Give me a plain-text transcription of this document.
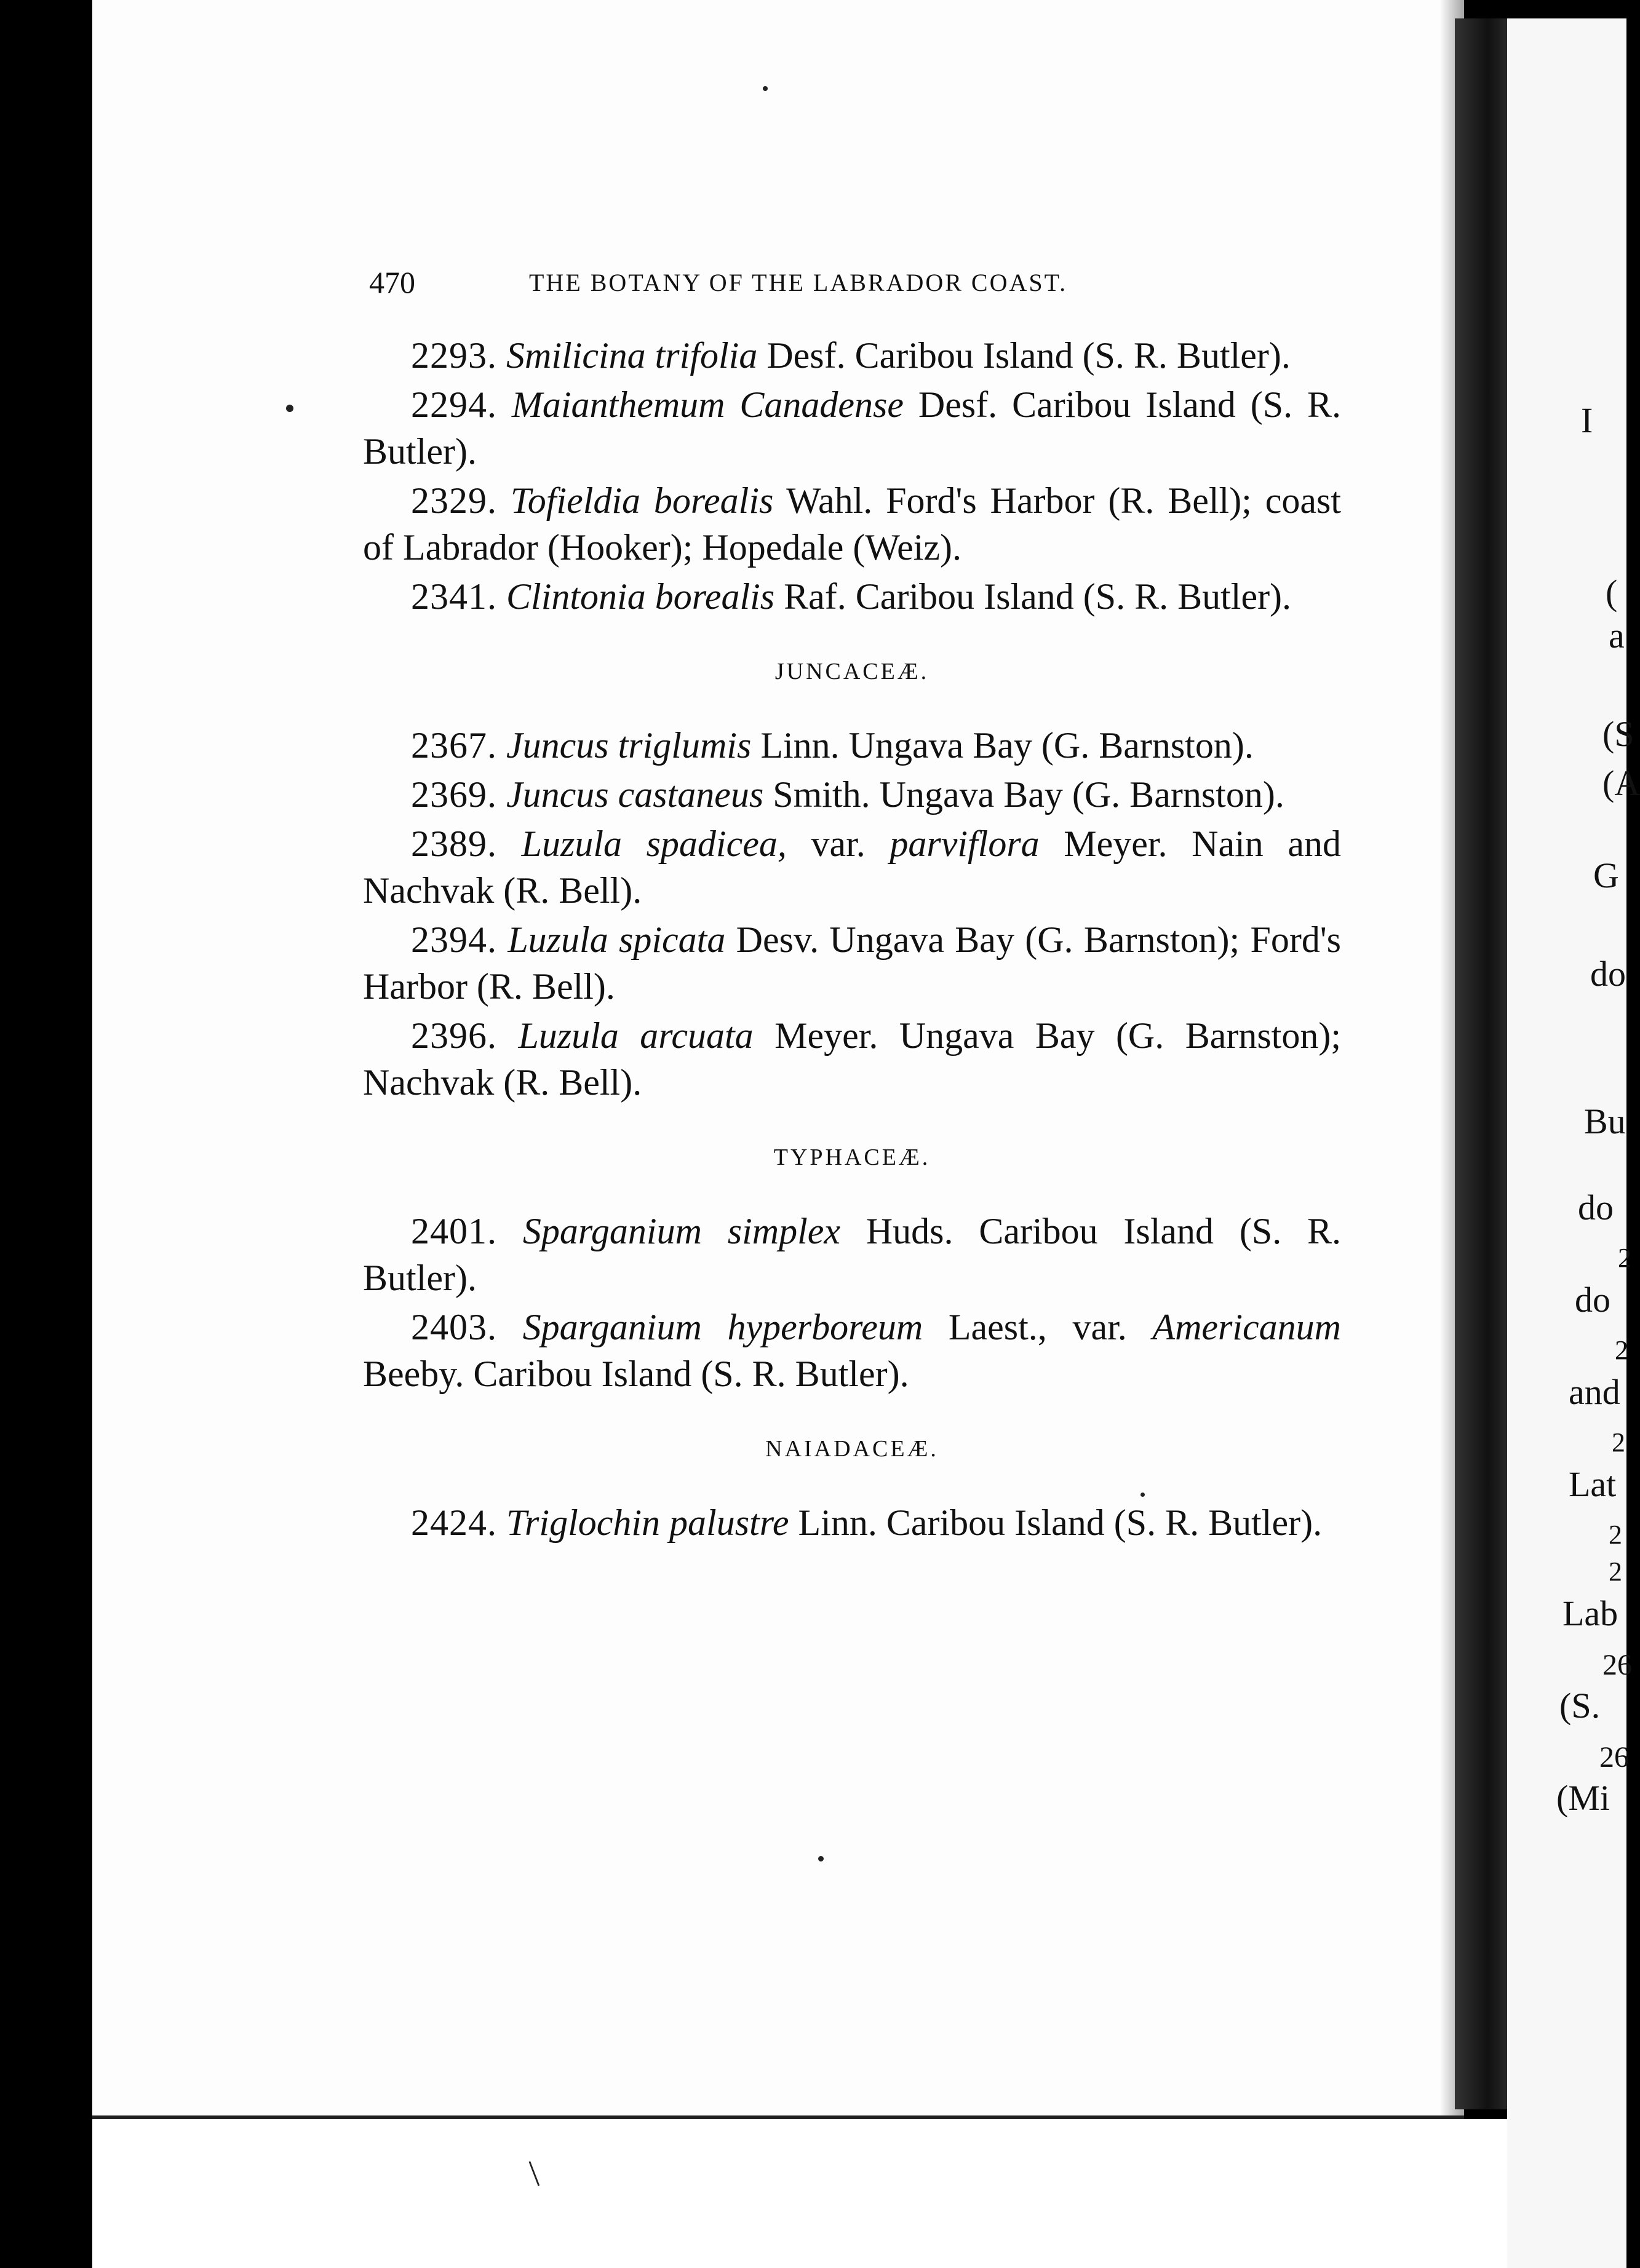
470	THE BOTANY OF THE LABRADOR COAST.

2293. Smilicina trifolia Desf. Caribou Island (S. R. Butler).

2294. Maianthemum Canadense Desf. Caribou Island (S. R. Butler).

2329. Tofieldia borealis Wahl. Ford's Harbor (R. Bell); coast of Labrador (Hooker); Hopedale (Weiz).

2341. Clintonia borealis Raf. Caribou Island (S. R. Butler).

JUNCACEÆ.

2367. Juncus triglumis Linn. Ungava Bay (G. Barnston).

2369. Juncus castaneus Smith. Ungava Bay (G. Barnston).

2389. Luzula spadicea, var. parviflora Meyer. Nain and Nachvak (R. Bell).

2394. Luzula spicata Desv. Ungava Bay (G. Barnston); Ford's Harbor (R. Bell).

2396. Luzula arcuata Meyer. Ungava Bay (G. Barnston); Nachvak (R. Bell).

TYPHACEÆ.

2401. Sparganium simplex Huds. Caribou Island (S. R. Butler).

2403. Sparganium hyperboreum Laest., var. Americanum Beeby. Caribou Island (S. R. Butler).

NAIADACEÆ.

2424. Triglochin palustre Linn. Caribou Island (S. R. Butler).

I
(
a
(S
(A
G
do
Bu
do
2
do
2
and
2
Lat
2
2
Lab
26
(S.
26
(Mi
/
